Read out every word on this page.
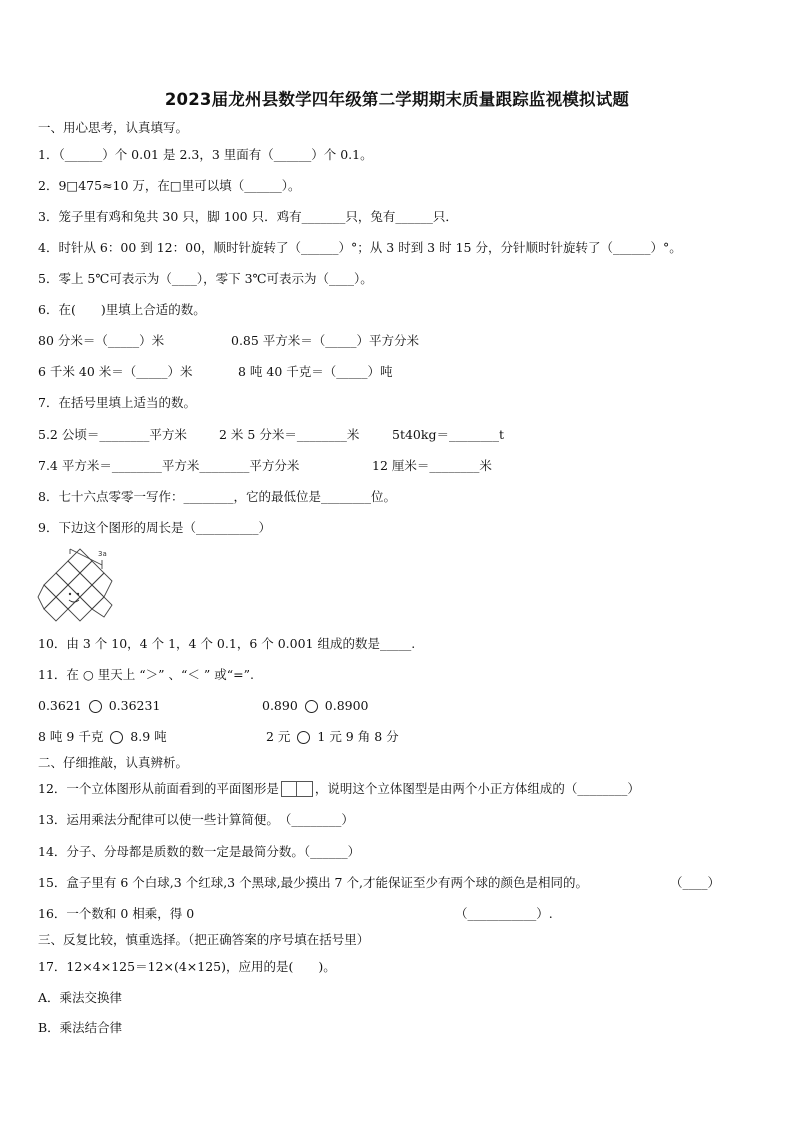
2023届龙州县数学四年级第二学期期末质量跟踪监视模拟试题
一、用心思考，认真填写。
1．（______）个 0.01 是 2.3，3 里面有（______）个 0.1。
2．9□475≈10 万，在□里可以填（______）。
3．笼子里有鸡和兔共 30 只，脚 100 只．鸡有_______只，兔有______只．
4．时针从 6：00 到 12：00，顺时针旋转了（______）°；从 3 时到 3 时 15 分，分针顺时针旋转了（______）°。
5．零上 5℃可表示为（____），零下 3℃可表示为（____）。
6．在(　　)里填上合适的数。
80 分米＝（_____）米	0.85 平方米＝（_____）平方分米
6 千米 40 米＝（_____）米	8 吨 40 千克＝（_____）吨
7．在括号里填上适当的数。
5.2 公顷＝________平方米	2 米 5 分米＝________米	5t40kg＝________t
7.4 平方米＝________平方米________平方分米	12 厘米＝________米
8．七十六点零零一写作：________，它的最低位是________位。
9．下边这个图形的周长是（__________）
3a
10．由 3 个 10，4 个 1，4 个 0.1，6 个 0.001 组成的数是_____.
11．在 ○ 里天上 “＞” 、“＜ ” 或“=”.
0.3621 0.36231	0.890 0.8900
8 吨 9 千克 8.9 吨	2 元 1 元 9 角 8 分
二、仔细推敲，认真辨析。
12．一个立体图形从前面看到的平面图形是	，说明这个立体图型是由两个小正方体组成的（________）
13．运用乘法分配律可以使一些计算简便。　（________）
14．分子、分母都是质数的数一定是最简分数。（______）
15．盒子里有 6 个白球,3 个红球,3 个黑球,最少摸出 7 个,才能保证至少有两个球的颜色是相同的。	（____）
16．一个数和 0 相乘，得 0	（___________）.
三、反复比较，慎重选择。（把正确答案的序号填在括号里）
17．12×4×125＝12×(4×125)，应用的是(　　)。
A．乘法交换律
B．乘法结合律
